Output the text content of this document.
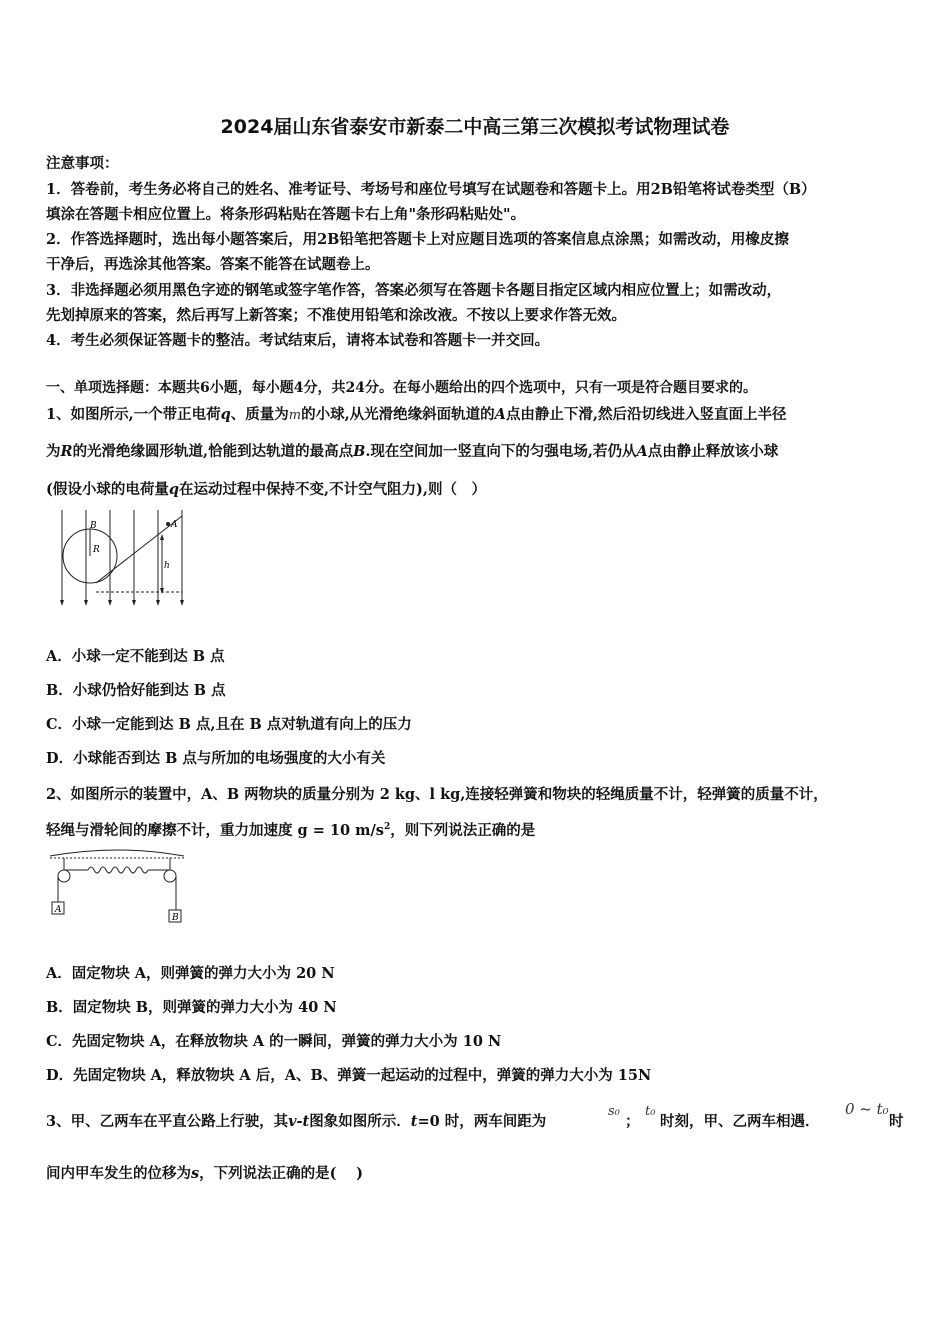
2024届山东省泰安市新泰二中高三第三次模拟考试物理试卷
注意事项：
1．答卷前，考生务必将自己的姓名、准考证号、考场号和座位号填写在试题卷和答题卡上。用2B铅笔将试卷类型（B）
填涂在答题卡相应位置上。将条形码粘贴在答题卡右上角"条形码粘贴处"。
2．作答选择题时，选出每小题答案后，用2B铅笔把答题卡上对应题目选项的答案信息点涂黑；如需改动，用橡皮擦
干净后，再选涂其他答案。答案不能答在试题卷上。
3．非选择题必须用黑色字迹的钢笔或签字笔作答，答案必须写在答题卡各题目指定区域内相应位置上；如需改动，
先划掉原来的答案，然后再写上新答案；不准使用铅笔和涂改液。不按以上要求作答无效。
4．考生必须保证答题卡的整洁。考试结束后，请将本试卷和答题卡一并交回。
一、单项选择题：本题共6小题，每小题4分，共24分。在每小题给出的四个选项中，只有一项是符合题目要求的。
1、如图所示,一个带正电荷q、质量为m的小球,从光滑绝缘斜面轨道的A点由静止下滑,然后沿切线进入竖直面上半径
为R的光滑绝缘圆形轨道,恰能到达轨道的最高点B.现在空间加一竖直向下的匀强电场,若仍从A点由静止释放该小球
(假设小球的电荷量q在运动过程中保持不变,不计空气阻力),则（　）
B
R
A
h
A．小球一定不能到达 B 点
B．小球仍恰好能到达 B 点
C．小球一定能到达 B 点,且在 B 点对轨道有向上的压力
D．小球能否到达 B 点与所加的电场强度的大小有关
2、如图所示的装置中，A、B 两物块的质量分别为 2 kg、l kg,连接轻弹簧和物块的轻绳质量不计，轻弹簧的质量不计，
轻绳与滑轮间的摩擦不计，重力加速度 g = 10 $m/s^2$，则下列说法正确的是
A
B
A．固定物块 A，则弹簧的弹力大小为 20 N
B．固定物块 B，则弹簧的弹力大小为 40 N
C．先固定物块 A，在释放物块 A 的一瞬间，弹簧的弹力大小为 10 N
D．先固定物块 A，释放物块 A 后，A、B、弹簧一起运动的过程中，弹簧的弹力大小为 15N
3、甲、乙两车在平直公路上行驶，其v-t图象如图所示．t=0 时，两车间距为
s₀
；
t₀
时刻，甲、乙两车相遇．
0 ~ t₀
时
间内甲车发生的位移为s，下列说法正确的是(　 )
